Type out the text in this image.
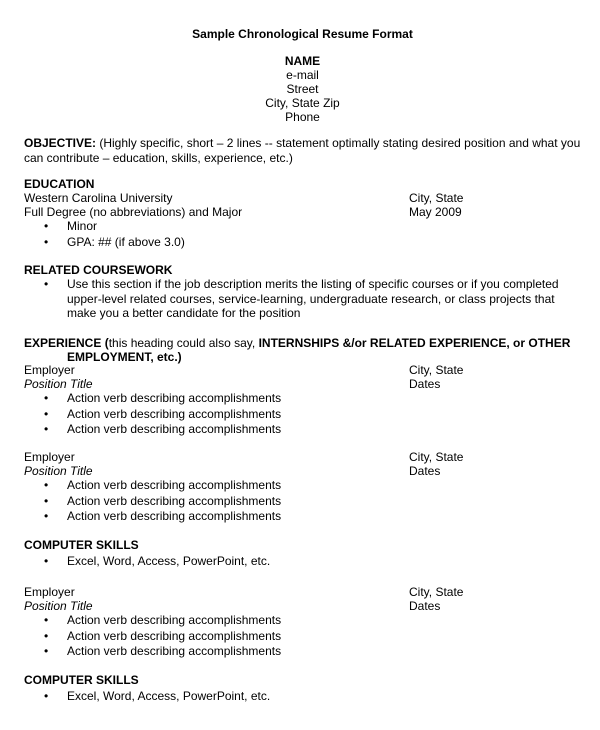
Sample Chronological Resume Format
NAME
e-mail
Street
City, State Zip
Phone
OBJECTIVE: (Highly specific, short – 2 lines -- statement optimally stating desired position and what you can contribute – education, skills, experience, etc.)
EDUCATION
Western Carolina University	City, State
Full Degree (no abbreviations) and Major	May 2009
• Minor
• GPA: ## (if above 3.0)
RELATED COURSEWORK
• Use this section if the job description merits the listing of specific courses or if you completed upper-level related courses, service-learning, undergraduate research, or class projects that make you a better candidate for the position
EXPERIENCE (this heading could also say, INTERNSHIPS &/or RELATED EXPERIENCE, or OTHER
EMPLOYMENT, etc.)
Employer	City, State
Position Title	Dates
• Action verb describing accomplishments
• Action verb describing accomplishments
• Action verb describing accomplishments
Employer	City, State
Position Title	Dates
• Action verb describing accomplishments
• Action verb describing accomplishments
• Action verb describing accomplishments
COMPUTER SKILLS
• Excel, Word, Access, PowerPoint, etc.
Employer	City, State
Position Title	Dates
• Action verb describing accomplishments
• Action verb describing accomplishments
• Action verb describing accomplishments
COMPUTER SKILLS
• Excel, Word, Access, PowerPoint, etc.
